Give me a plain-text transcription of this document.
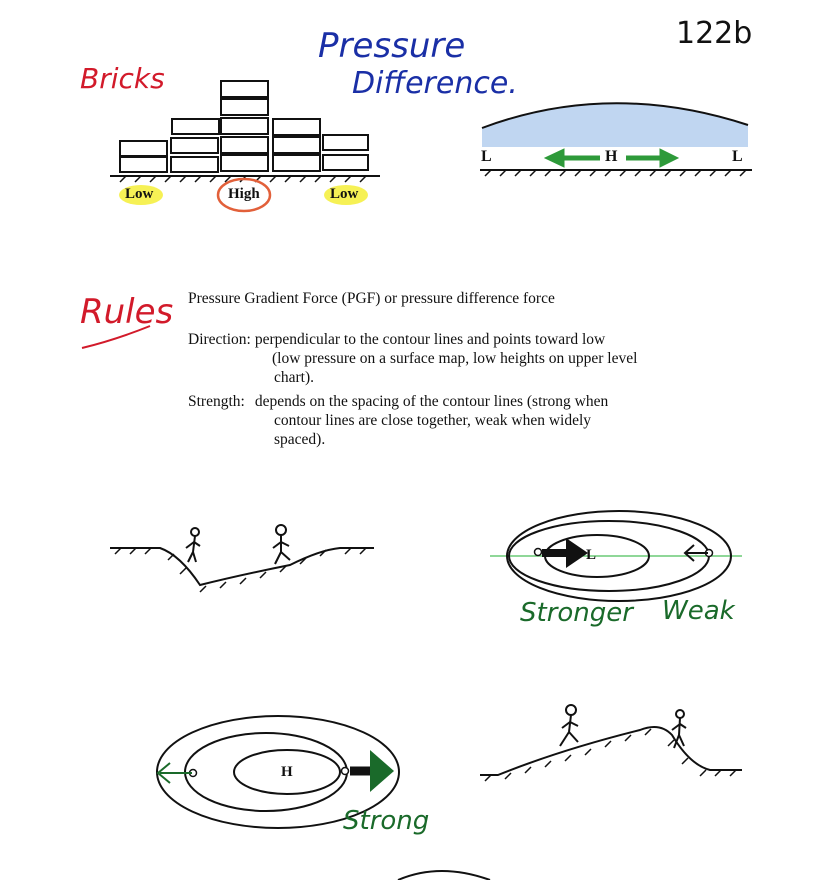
122b
Bricks
Pressure
Difference.
Low	High	Low
L	H	L
Rules Pressure Gradient Force (PGF) or pressure difference force
Direction: perpendicular to the contour lines and points toward low
(low pressure on a surface map, low heights on upper level
chart).
Strength: depends on the spacing of the contour lines (strong when
contour lines are close together, weak when widely
spaced).
L
H
Stronger Weak
Strong
